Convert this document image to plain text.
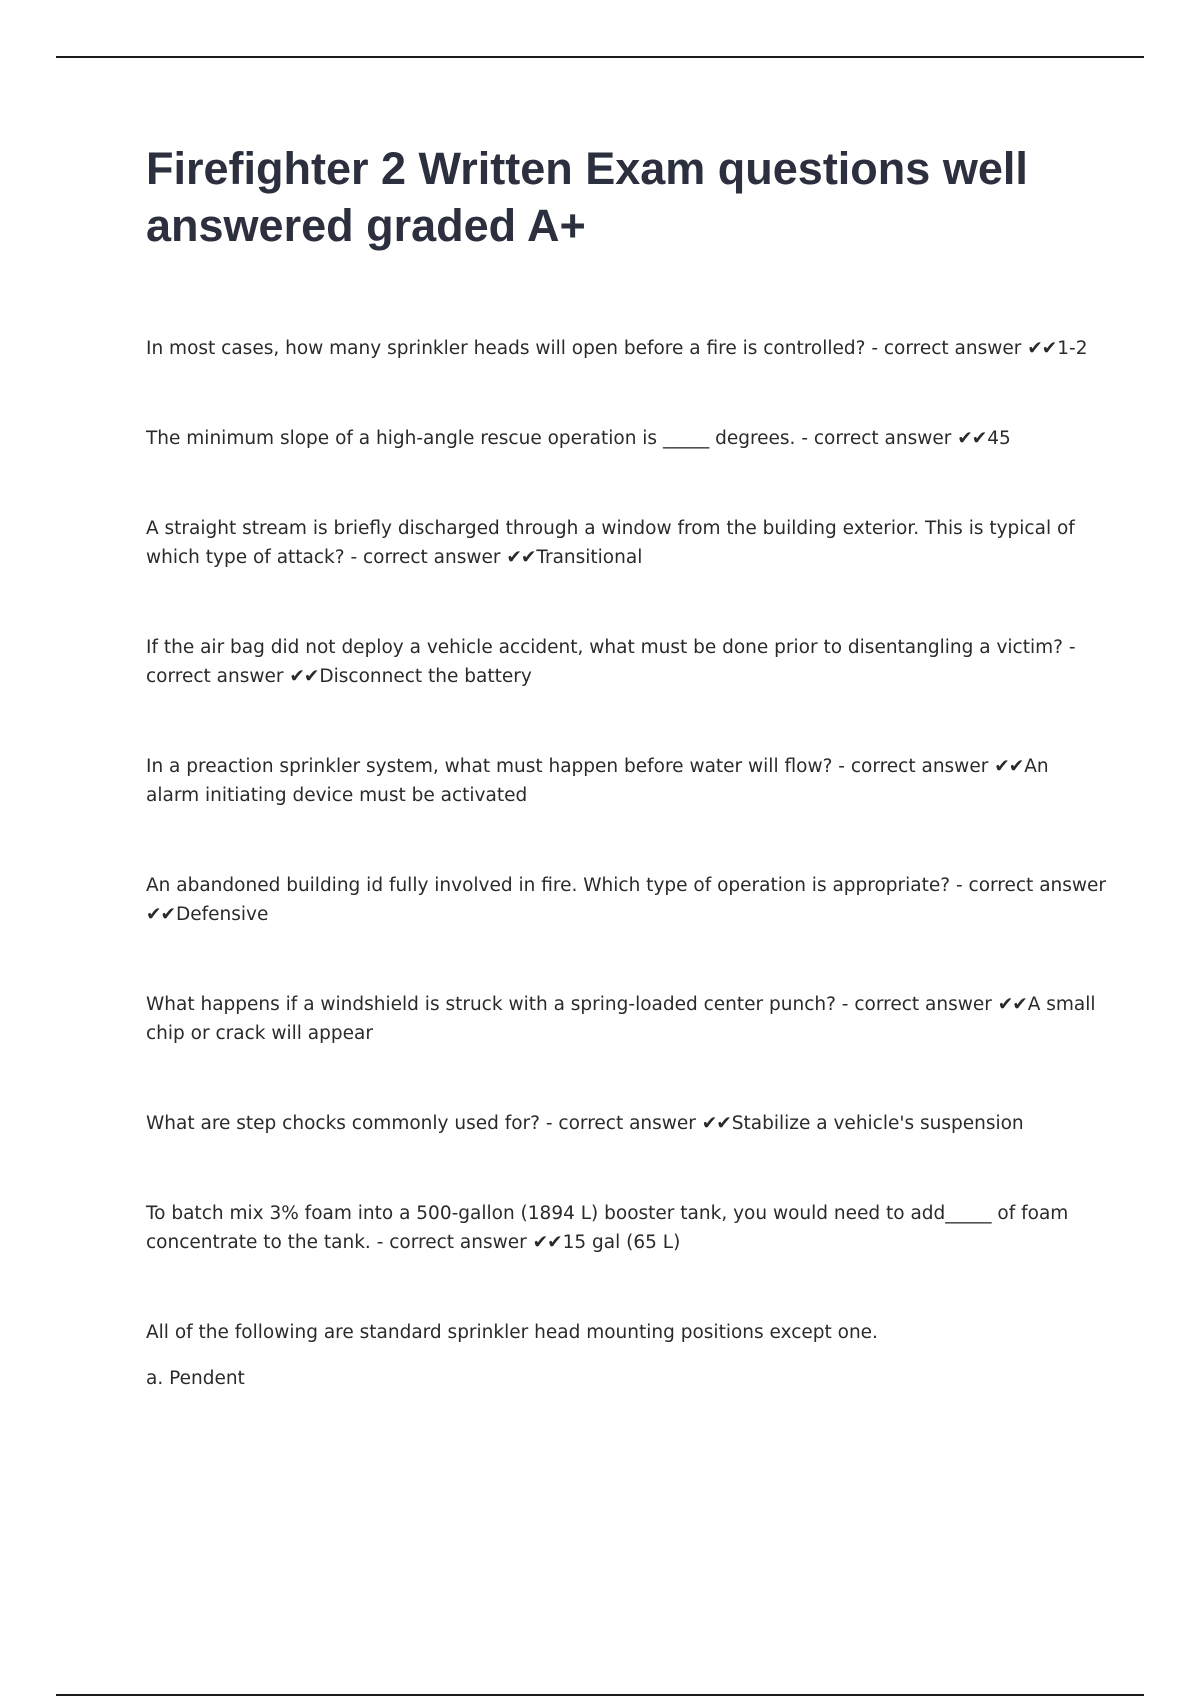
Firefighter 2 Written Exam questions well answered graded A+

In most cases, how many sprinkler heads will open before a fire is controlled? - correct answer ✔✔1-2

The minimum slope of a high-angle rescue operation is _____ degrees. - correct answer ✔✔45

A straight stream is briefly discharged through a window from the building exterior. This is typical of which type of attack? - correct answer ✔✔Transitional

If the air bag did not deploy a vehicle accident, what must be done prior to disentangling a victim? - correct answer ✔✔Disconnect the battery

In a preaction sprinkler system, what must happen before water will flow? - correct answer ✔✔An alarm initiating device must be activated

An abandoned building id fully involved in fire. Which type of operation is appropriate? - correct answer ✔✔Defensive

What happens if a windshield is struck with a spring-loaded center punch? - correct answer ✔✔A small chip or crack will appear

What are step chocks commonly used for? - correct answer ✔✔Stabilize a vehicle's suspension

To batch mix 3% foam into a 500-gallon (1894 L) booster tank, you would need to add_____ of foam concentrate to the tank. - correct answer ✔✔15 gal (65 L)

All of the following are standard sprinkler head mounting positions except one.

a. Pendent
